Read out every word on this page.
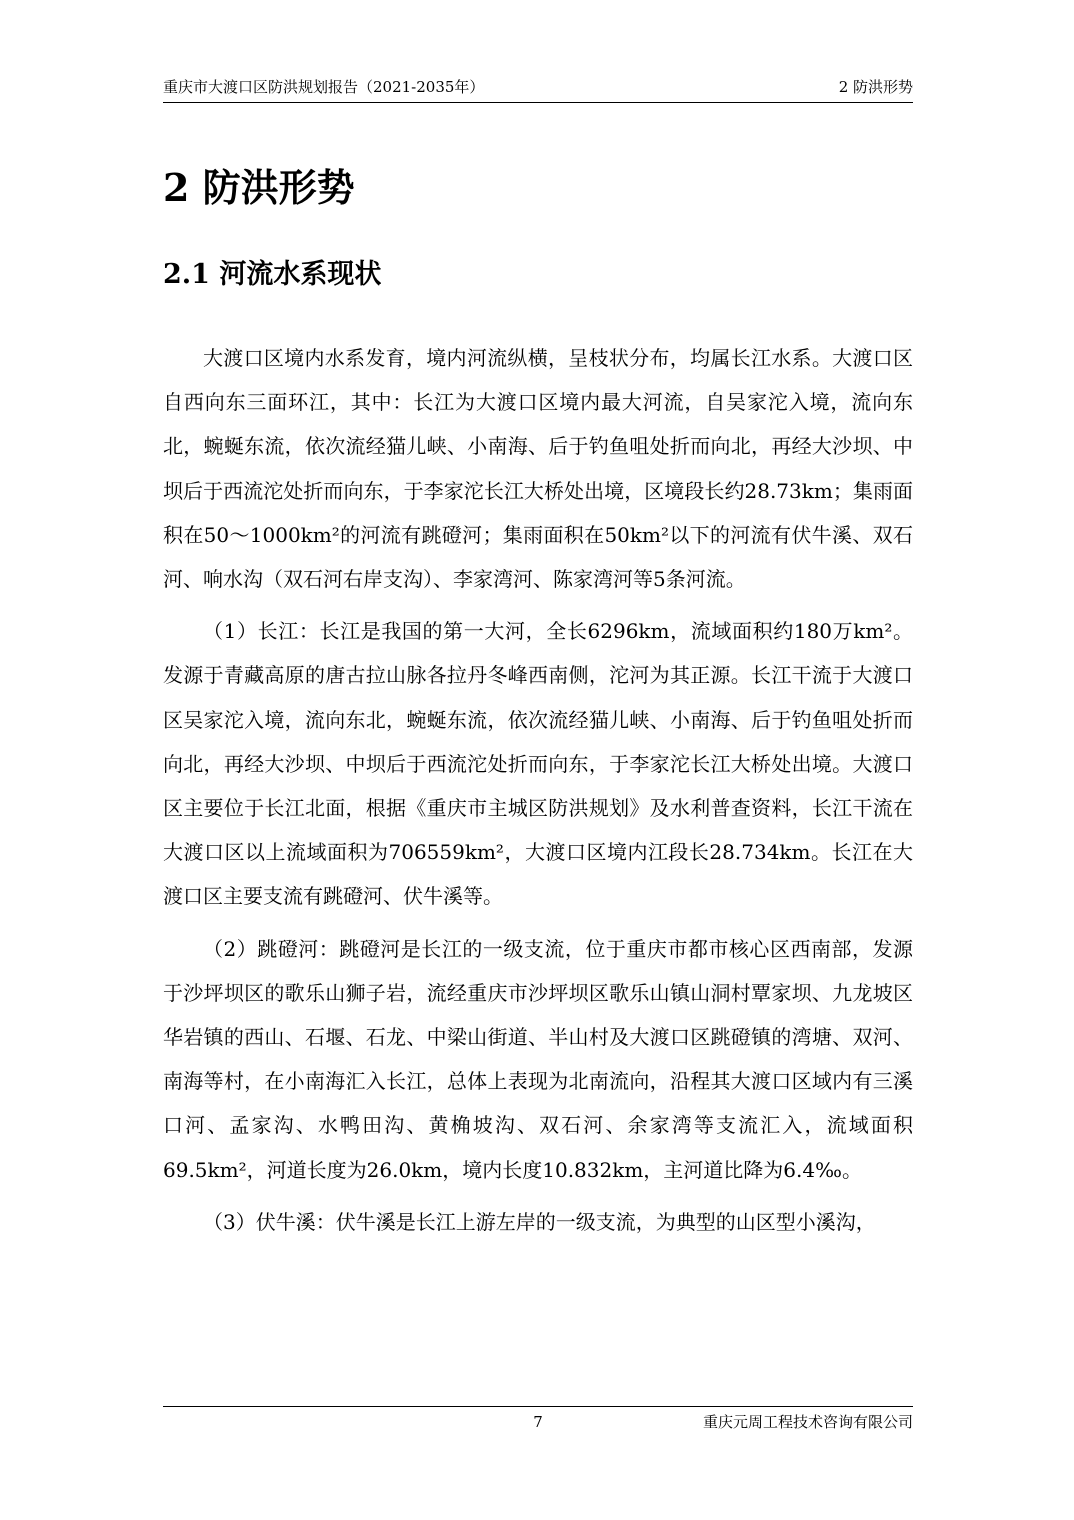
重庆市大渡口区防洪规划报告（2021-2035年）	2 防洪形势
2 防洪形势
2.1 河流水系现状

大渡口区境内水系发育，境内河流纵横，呈枝状分布，均属长江水系。大渡口区自西向东三面环江，其中：长江为大渡口区境内最大河流，自吴家沱入境，流向东北，蜿蜒东流，依次流经猫儿峡、小南海、后于钓鱼咀处折而向北，再经大沙坝、中坝后于西流沱处折而向东，于李家沱长江大桥处出境，区境段长约28.73km；集雨面积在50～1000km²的河流有跳磴河；集雨面积在50km²以下的河流有伏牛溪、双石河、响水沟（双石河右岸支沟）、李家湾河、陈家湾河等5条河流。

（1）长江：长江是我国的第一大河，全长6296km，流域面积约180万km²。发源于青藏高原的唐古拉山脉各拉丹冬峰西南侧，沱河为其正源。长江干流于大渡口区吴家沱入境，流向东北，蜿蜒东流，依次流经猫儿峡、小南海、后于钓鱼咀处折而向北，再经大沙坝、中坝后于西流沱处折而向东，于李家沱长江大桥处出境。大渡口区主要位于长江北面，根据《重庆市主城区防洪规划》及水利普查资料，长江干流在大渡口区以上流域面积为706559km²，大渡口区境内江段长28.734km。长江在大渡口区主要支流有跳磴河、伏牛溪等。

（2）跳磴河：跳磴河是长江的一级支流，位于重庆市都市核心区西南部，发源于沙坪坝区的歌乐山狮子岩，流经重庆市沙坪坝区歌乐山镇山洞村覃家坝、九龙坡区华岩镇的西山、石堰、石龙、中梁山街道、半山村及大渡口区跳磴镇的湾塘、双河、南海等村，在小南海汇入长江，总体上表现为北南流向，沿程其大渡口区域内有三溪口河、孟家沟、水鸭田沟、黄桷坡沟、双石河、余家湾等支流汇入，流域面积69.5km²，河道长度为26.0km，境内长度10.832km，主河道比降为6.4‰。

（3）伏牛溪：伏牛溪是长江上游左岸的一级支流，为典型的山区型小溪沟，

7	重庆元周工程技术咨询有限公司
